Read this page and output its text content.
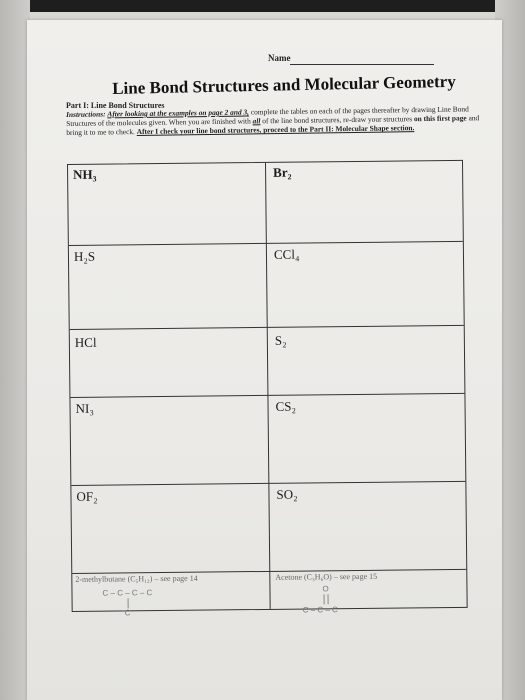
Name
Line Bond Structures and Molecular Geometry
Part I: Line Bond Structures
Instructions: After looking at the examples on page 2 and 3, complete the tables on each of the pages thereafter by drawing Line Bond Structures of the molecules given. When you are finished with all of the line bond structures, re-draw your structures on this first page and bring it to me to check. After I check your line bond structures, proceed to the Part II: Molecular Shape section.
NH₃	Br₂
H₂S	CCl₄
HCl	S₂
NI₃	CS₂
OF₂	SO₂
2-methylbutane (C₅H₁₂) – see page 14	Acetone (C₃H₆O) – see page 15
C – C – C – C
C
O
C – C – C
